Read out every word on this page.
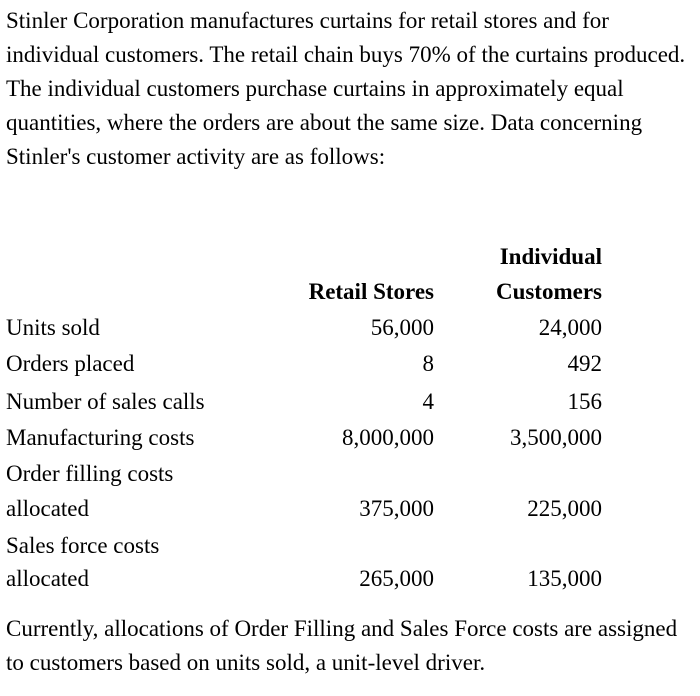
Stinler Corporation manufactures curtains for retail stores and for individual customers. The retail chain buys 70% of the curtains produced. The individual customers purchase curtains in approximately equal quantities, where the orders are about the same size. Data concerning Stinler's customer activity are as follows:

Individual
Retail Stores	Customers
Units sold	56,000	24,000
Orders placed	8	492
Number of sales calls	4	156
Manufacturing costs	8,000,000	3,500,000
Order filling costs
allocated	375,000	225,000
Sales force costs
allocated	265,000	135,000

Currently, allocations of Order Filling and Sales Force costs are assigned to customers based on units sold, a unit-level driver.
